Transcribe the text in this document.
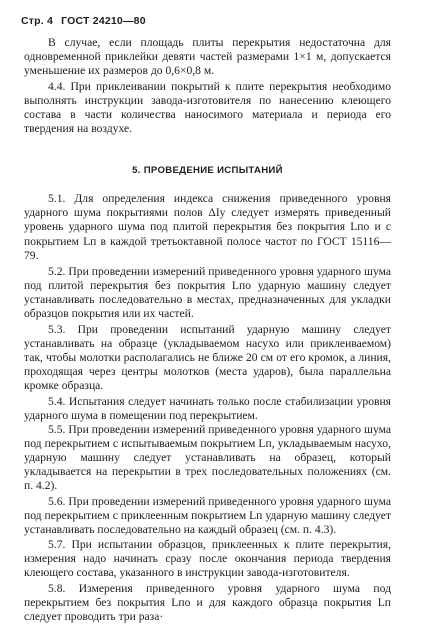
Стр. 4 ГОСТ 24210—80

В случае, если площадь плиты перекрытия недостаточна для одновременной приклейки девяти частей размерами 1×1 м, допускается уменьшение их размеров до 0,6×0,8 м.

4.4. При приклеивании покрытий к плите перекрытия необходимо выполнять инструкции завода-изготовителя по нанесению клеющего состава в части количества наносимого материала и периода его твердения на воздухе.

5. ПРОВЕДЕНИЕ ИСПЫТАНИЙ

5.1. Для определения индекса снижения приведенного уровня ударного шума покрытиями полов ΔIу следует измерять приведенный уровень ударного шума под плитой перекрытия без покрытия Lпо и с покрытием Lп в каждой третьоктавной полосе частот по ГОСТ 15116—79.

5.2. При проведении измерений приведенного уровня ударного шума под плитой перекрытия без покрытия Lпо ударную машину следует устанавливать последовательно в местах, предназначенных для укладки образцов покрытия или их частей.

5.3. При проведении испытаний ударную машину следует устанавливать на образце (укладываемом насухо или приклеиваемом) так, чтобы молотки располагались не ближе 20 см от его кромок, а линия, проходящая через центры молотков (места ударов), была параллельна кромке образца.

5.4. Испытания следует начинать только после стабилизации уровня ударного шума в помещении под перекрытием.

5.5. При проведении измерений приведенного уровня ударного шума под перекрытием с испытываемым покрытием Lп, укладываемым насухо, ударную машину следует устанавливать на образец, который укладывается на перекрытии в трех последовательных положениях (см. п. 4.2).

5.6. При проведении измерений приведенного уровня ударного шума под перекрытием с приклеенным покрытием Lп ударную машину следует устанавливать последовательно на каждый образец (см. п. 4.3).

5.7. При испытании образцов, приклеенных к плите перекрытия, измерения надо начинать сразу после окончания периода твердения клеющего состава, указанного в инструкции завода-изготовителя.

5.8. Измерения приведенного уровня ударного шума под перекрытием без покрытия Lпо и для каждого образца покрытия Lп следует проводить три раза·
